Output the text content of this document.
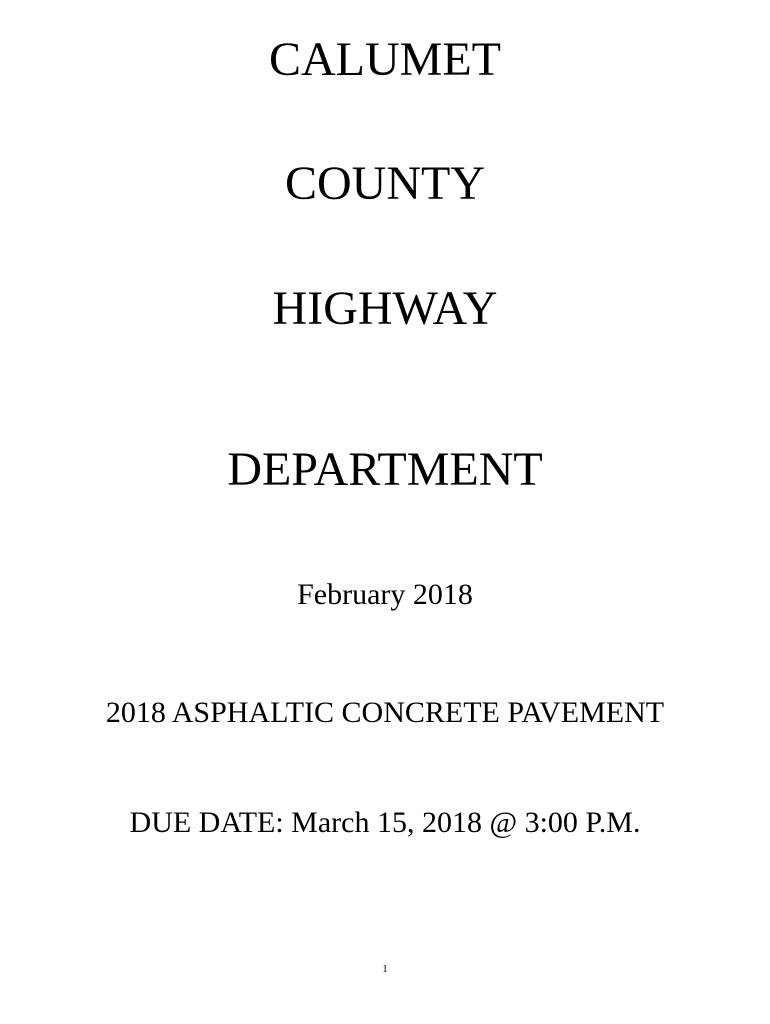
CALUMET
COUNTY
HIGHWAY
DEPARTMENT
February 2018
2018 ASPHALTIC CONCRETE PAVEMENT
DUE DATE: March 15, 2018 @ 3:00 P.M.
1
